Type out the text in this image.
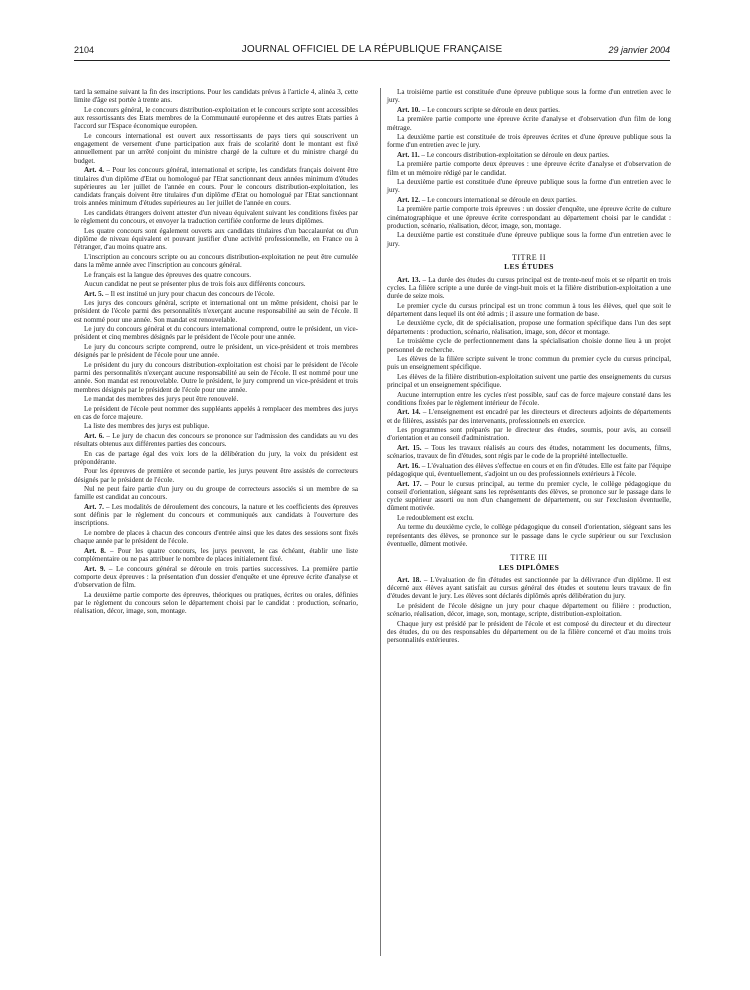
2104	JOURNAL OFFICIEL DE LA RÉPUBLIQUE FRANÇAISE	29 janvier 2004

tard la semaine suivant la fin des inscriptions. Pour les candidats prévus à l'article 4, alinéa 3, cette limite d'âge est portée à trente ans.

Le concours général, le concours distribution-exploitation et le concours scripte sont accessibles aux ressortissants des Etats membres de la Communauté européenne et des autres Etats parties à l'accord sur l'Espace économique européen.

Le concours international est ouvert aux ressortissants de pays tiers qui souscrivent un engagement de versement d'une participation aux frais de scolarité dont le montant est fixé annuellement par un arrêté conjoint du ministre chargé de la culture et du ministre chargé du budget.

Art. 4. – Pour les concours général, international et scripte, les candidats français doivent être titulaires d'un diplôme d'Etat ou homologué par l'Etat sanctionnant deux années minimum d'études supérieures au 1er juillet de l'année en cours. Pour le concours distribution-exploitation, les candidats français doivent être titulaires d'un diplôme d'Etat ou homologué par l'Etat sanctionnant trois années minimum d'études supérieures au 1er juillet de l'année en cours.

Les candidats étrangers doivent attester d'un niveau équivalent suivant les conditions fixées par le règlement du concours, et envoyer la traduction certifiée conforme de leurs diplômes.

Les quatre concours sont également ouverts aux candidats titulaires d'un baccalauréat ou d'un diplôme de niveau équivalent et pouvant justifier d'une activité professionnelle, en France ou à l'étranger, d'au moins quatre ans.

L'inscription au concours scripte ou au concours distribution-exploitation ne peut être cumulée dans la même année avec l'inscription au concours général.

Le français est la langue des épreuves des quatre concours.

Aucun candidat ne peut se présenter plus de trois fois aux différents concours.

Art. 5. – Il est institué un jury pour chacun des concours de l'école.

Les jurys des concours général, scripte et international ont un même président, choisi par le président de l'école parmi des personnalités n'exerçant aucune responsabilité au sein de l'école. Il est nommé pour une année. Son mandat est renouvelable.

Le jury du concours général et du concours international comprend, outre le président, un vice-président et cinq membres désignés par le président de l'école pour une année.

Le jury du concours scripte comprend, outre le président, un vice-président et trois membres désignés par le président de l'école pour une année.

Le président du jury du concours distribution-exploitation est choisi par le président de l'école parmi des personnalités n'exerçant aucune responsabilité au sein de l'école. Il est nommé pour une année. Son mandat est renouvelable. Outre le président, le jury comprend un vice-président et trois membres désignés par le président de l'école pour une année.

Le mandat des membres des jurys peut être renouvelé.

Le président de l'école peut nommer des suppléants appelés à remplacer des membres des jurys en cas de force majeure.

La liste des membres des jurys est publique.

Art. 6. – Le jury de chacun des concours se prononce sur l'admission des candidats au vu des résultats obtenus aux différentes parties des concours.

En cas de partage égal des voix lors de la délibération du jury, la voix du président est prépondérante.

Pour les épreuves de première et seconde partie, les jurys peuvent être assistés de correcteurs désignés par le président de l'école.

Nul ne peut faire partie d'un jury ou du groupe de correcteurs associés si un membre de sa famille est candidat au concours.

Art. 7. – Les modalités de déroulement des concours, la nature et les coefficients des épreuves sont définis par le règlement du concours et communiqués aux candidats à l'ouverture des inscriptions.

Le nombre de places à chacun des concours d'entrée ainsi que les dates des sessions sont fixés chaque année par le président de l'école.

Art. 8. – Pour les quatre concours, les jurys peuvent, le cas échéant, établir une liste complémentaire ou ne pas attribuer le nombre de places initialement fixé.

Art. 9. – Le concours général se déroule en trois parties successives. La première partie comporte deux épreuves : la présentation d'un dossier d'enquête et une épreuve écrite d'analyse et d'observation de film.

La deuxième partie comporte des épreuves, théoriques ou pratiques, écrites ou orales, définies par le règlement du concours selon le département choisi par le candidat : production, scénario, réalisation, décor, image, son, montage.

La troisième partie est constituée d'une épreuve publique sous la forme d'un entretien avec le jury.

Art. 10. – Le concours scripte se déroule en deux parties.

La première partie comporte une épreuve écrite d'analyse et d'observation d'un film de long métrage.

La deuxième partie est constituée de trois épreuves écrites et d'une épreuve publique sous la forme d'un entretien avec le jury.

Art. 11. – Le concours distribution-exploitation se déroule en deux parties.

La première partie comporte deux épreuves : une épreuve écrite d'analyse et d'observation de film et un mémoire rédigé par le candidat.

La deuxième partie est constituée d'une épreuve publique sous la forme d'un entretien avec le jury.

Art. 12. – Le concours international se déroule en deux parties.

La première partie comporte trois épreuves : un dossier d'enquête, une épreuve écrite de culture cinématographique et une épreuve écrite correspondant au département choisi par le candidat : production, scénario, réalisation, décor, image, son, montage.

La deuxième partie est constituée d'une épreuve publique sous la forme d'un entretien avec le jury.

TITRE II
LES ÉTUDES

Art. 13. – La durée des études du cursus principal est de trente-neuf mois et se répartit en trois cycles. La filière scripte a une durée de vingt-huit mois et la filière distribution-exploitation a une durée de seize mois.

Le premier cycle du cursus principal est un tronc commun à tous les élèves, quel que soit le département dans lequel ils ont été admis ; il assure une formation de base.

Le deuxième cycle, dit de spécialisation, propose une formation spécifique dans l'un des sept départements : production, scénario, réalisation, image, son, décor et montage.

Le troisième cycle de perfectionnement dans la spécialisation choisie donne lieu à un projet personnel de recherche.

Les élèves de la filière scripte suivent le tronc commun du premier cycle du cursus principal, puis un enseignement spécifique.

Les élèves de la filière distribution-exploitation suivent une partie des enseignements du cursus principal et un enseignement spécifique.

Aucune interruption entre les cycles n'est possible, sauf cas de force majeure constaté dans les conditions fixées par le règlement intérieur de l'école.

Art. 14. – L'enseignement est encadré par les directeurs et directeurs adjoints de départements et de filières, assistés par des intervenants, professionnels en exercice.

Les programmes sont préparés par le directeur des études, soumis, pour avis, au conseil d'orientation et au conseil d'administration.

Art. 15. – Tous les travaux réalisés au cours des études, notamment les documents, films, scénarios, travaux de fin d'études, sont régis par le code de la propriété intellectuelle.

Art. 16. – L'évaluation des élèves s'effectue en cours et en fin d'études. Elle est faite par l'équipe pédagogique qui, éventuellement, s'adjoint un ou des professionnels extérieurs à l'école.

Art. 17. – Pour le cursus principal, au terme du premier cycle, le collège pédagogique du conseil d'orientation, siégeant sans les représentants des élèves, se prononce sur le passage dans le cycle supérieur assorti ou non d'un changement de département, ou sur l'exclusion éventuelle, dûment motivée.

Le redoublement est exclu.

Au terme du deuxième cycle, le collège pédagogique du conseil d'orientation, siégeant sans les représentants des élèves, se prononce sur le passage dans le cycle supérieur ou sur l'exclusion éventuelle, dûment motivée.

TITRE III
LES DIPLÔMES

Art. 18. – L'évaluation de fin d'études est sanctionnée par la délivrance d'un diplôme. Il est décerné aux élèves ayant satisfait au cursus général des études et soutenu leurs travaux de fin d'études devant le jury. Les élèves sont déclarés diplômés après délibération du jury.

Le président de l'école désigne un jury pour chaque département ou filière : production, scénario, réalisation, décor, image, son, montage, scripte, distribution-exploitation.

Chaque jury est présidé par le président de l'école et est composé du directeur et du directeur des études, du ou des responsables du département ou de la filière concerné et d'au moins trois personnalités extérieures.
